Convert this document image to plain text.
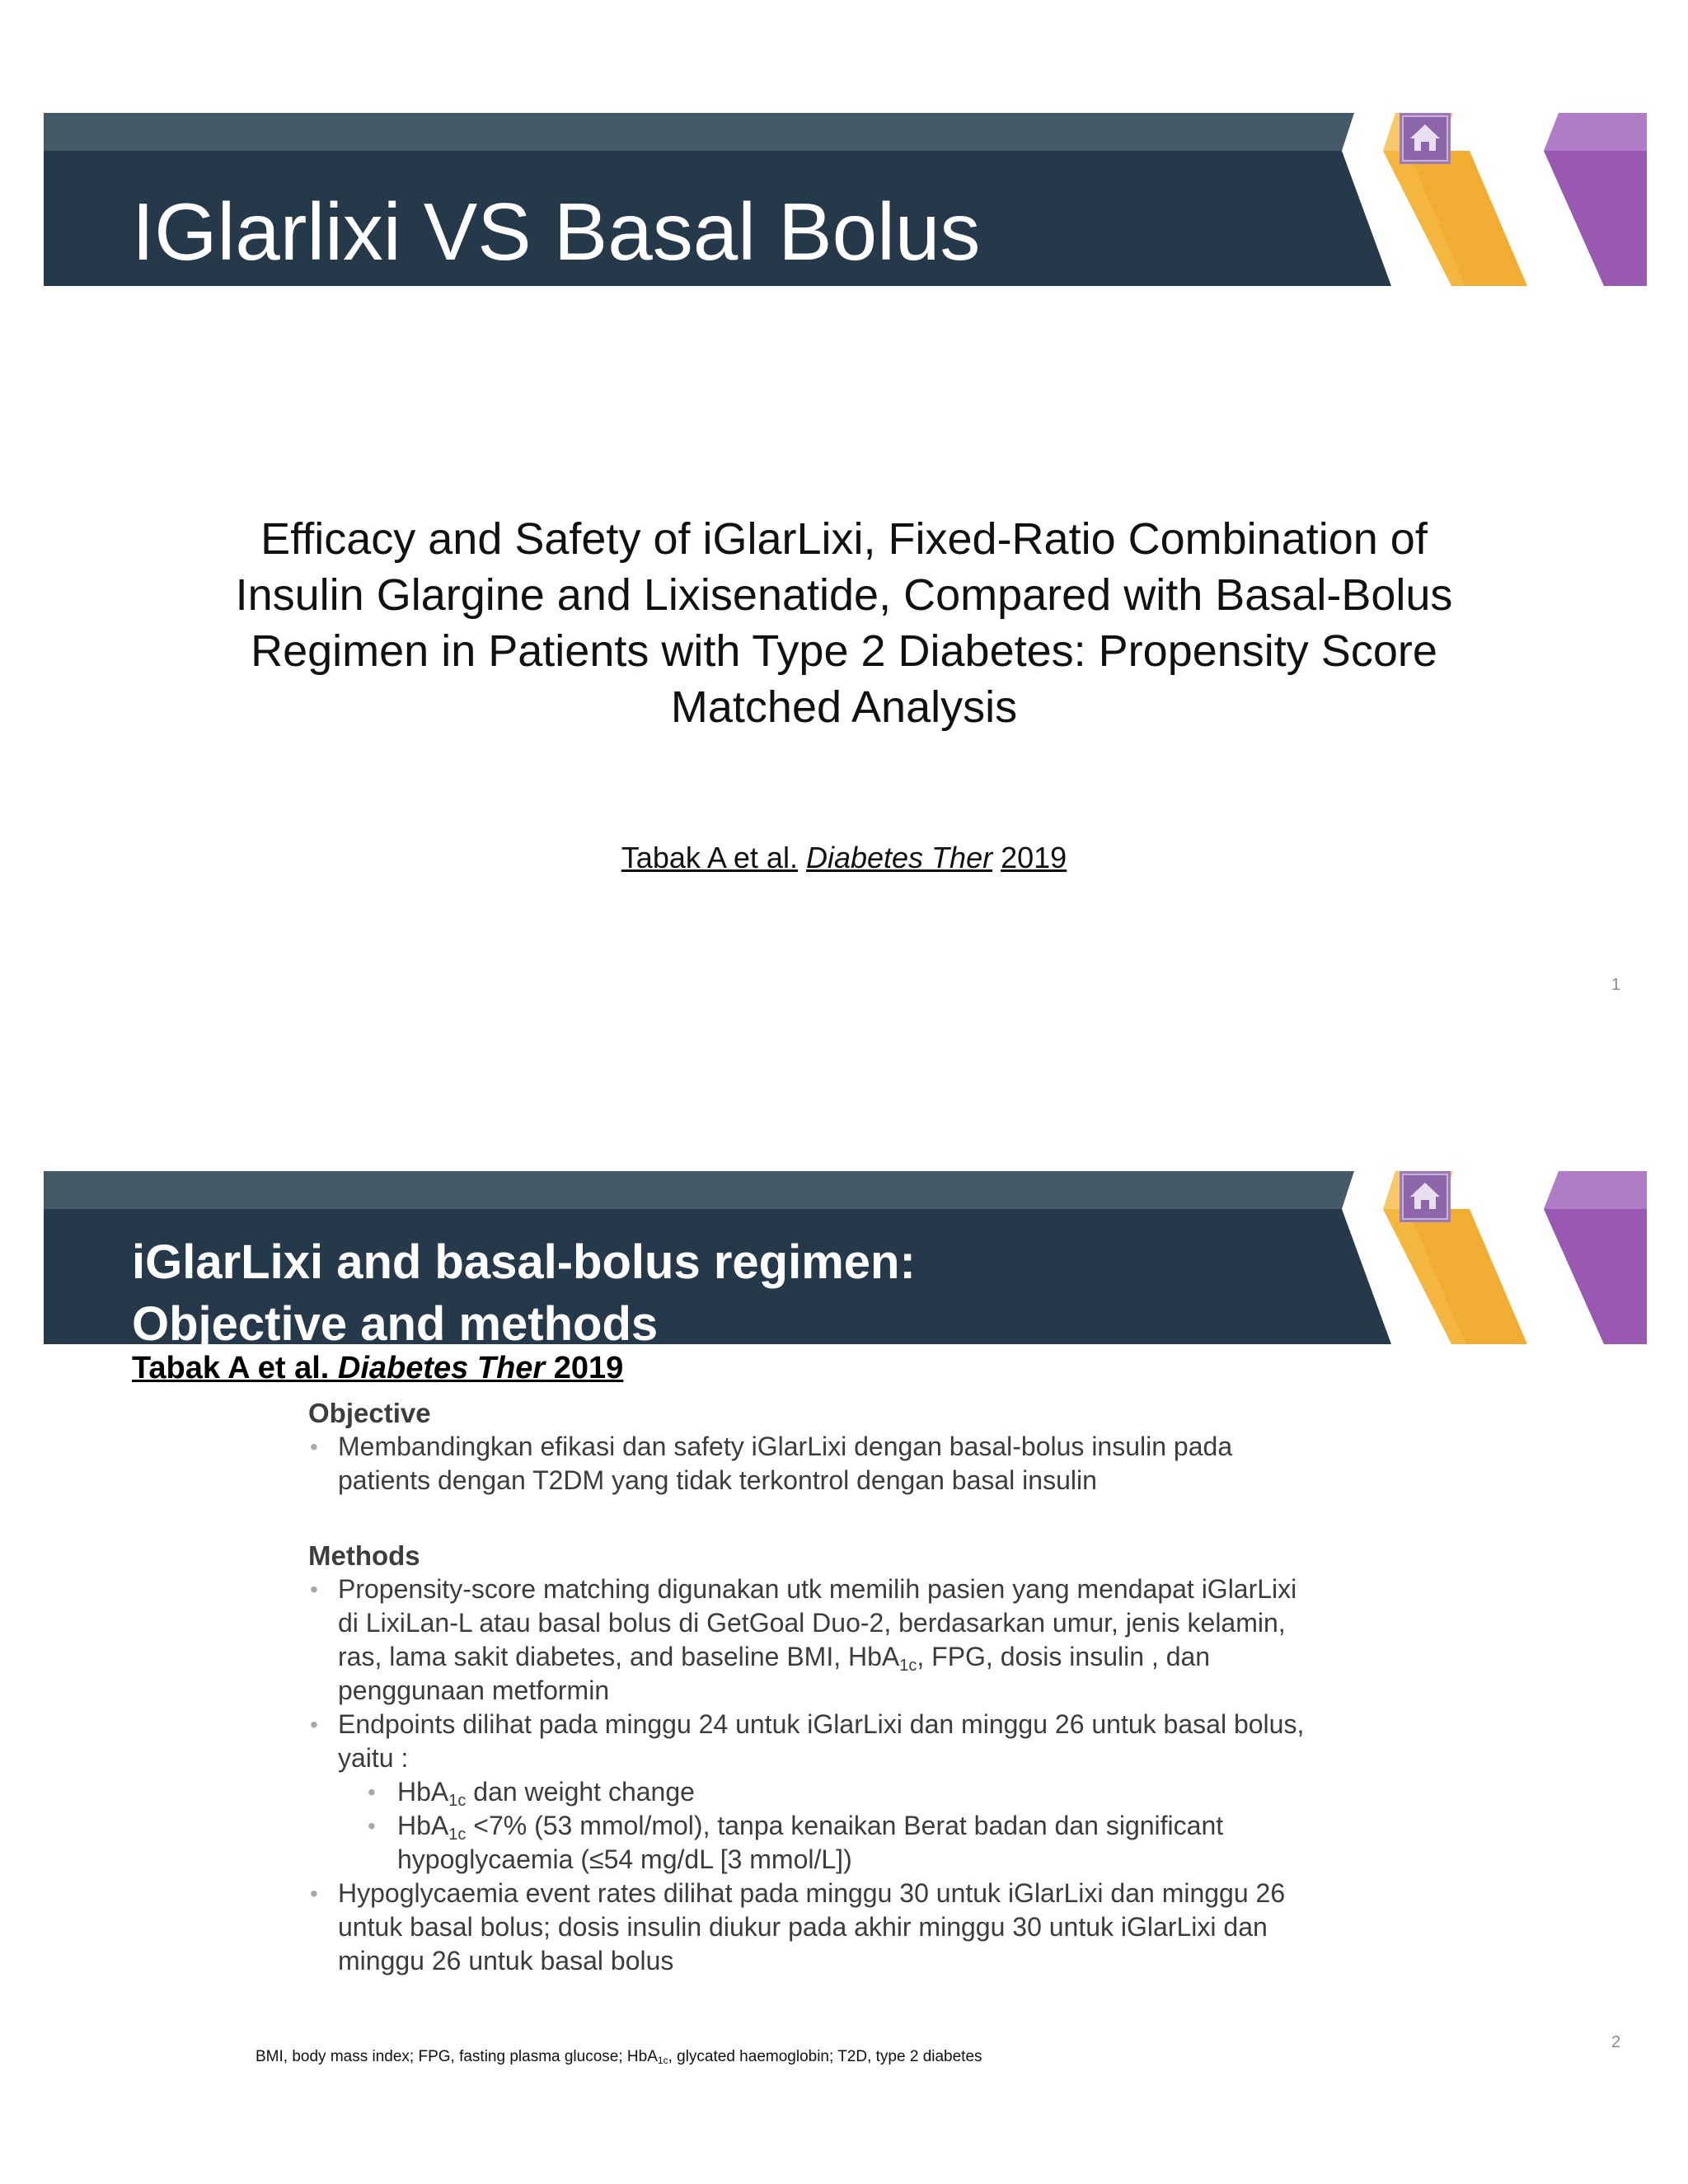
IGlarlixi VS Basal Bolus
Efficacy and Safety of iGlarLixi, Fixed-Ratio Combination of
Insulin Glargine and Lixisenatide, Compared with Basal-Bolus
Regimen in Patients with Type 2 Diabetes: Propensity Score
Matched Analysis
Tabak A et al. Diabetes Ther 2019
1
iGlarLixi and basal-bolus regimen:
Objective and methods
Tabak A et al. Diabetes Ther 2019
Objective
• Membandingkan efikasi dan safety iGlarLixi dengan basal-bolus insulin pada
patients dengan T2DM yang tidak terkontrol dengan basal insulin
Methods
• Propensity-score matching digunakan utk memilih pasien yang mendapat iGlarLixi
di LixiLan-L atau basal bolus di GetGoal Duo-2, berdasarkan umur, jenis kelamin,
ras, lama sakit diabetes, and baseline BMI, HbA$_{1c}$, FPG, dosis insulin , dan
penggunaan metformin
• Endpoints dilihat pada minggu 24 untuk iGlarLixi dan minggu 26 untuk basal bolus,
yaitu :
• HbA$_{1c}$ dan weight change
• HbA$_{1c}$ <7% (53 mmol/mol), tanpa kenaikan Berat badan dan significant
hypoglycaemia (≤54 mg/dL [3 mmol/L])
• Hypoglycaemia event rates dilihat pada minggu 30 untuk iGlarLixi dan minggu 26
untuk basal bolus; dosis insulin diukur pada akhir minggu 30 untuk iGlarLixi dan
minggu 26 untuk basal bolus
BMI, body mass index; FPG, fasting plasma glucose; HbA$_{1c}$, glycated haemoglobin; T2D, type 2 diabetes
2
